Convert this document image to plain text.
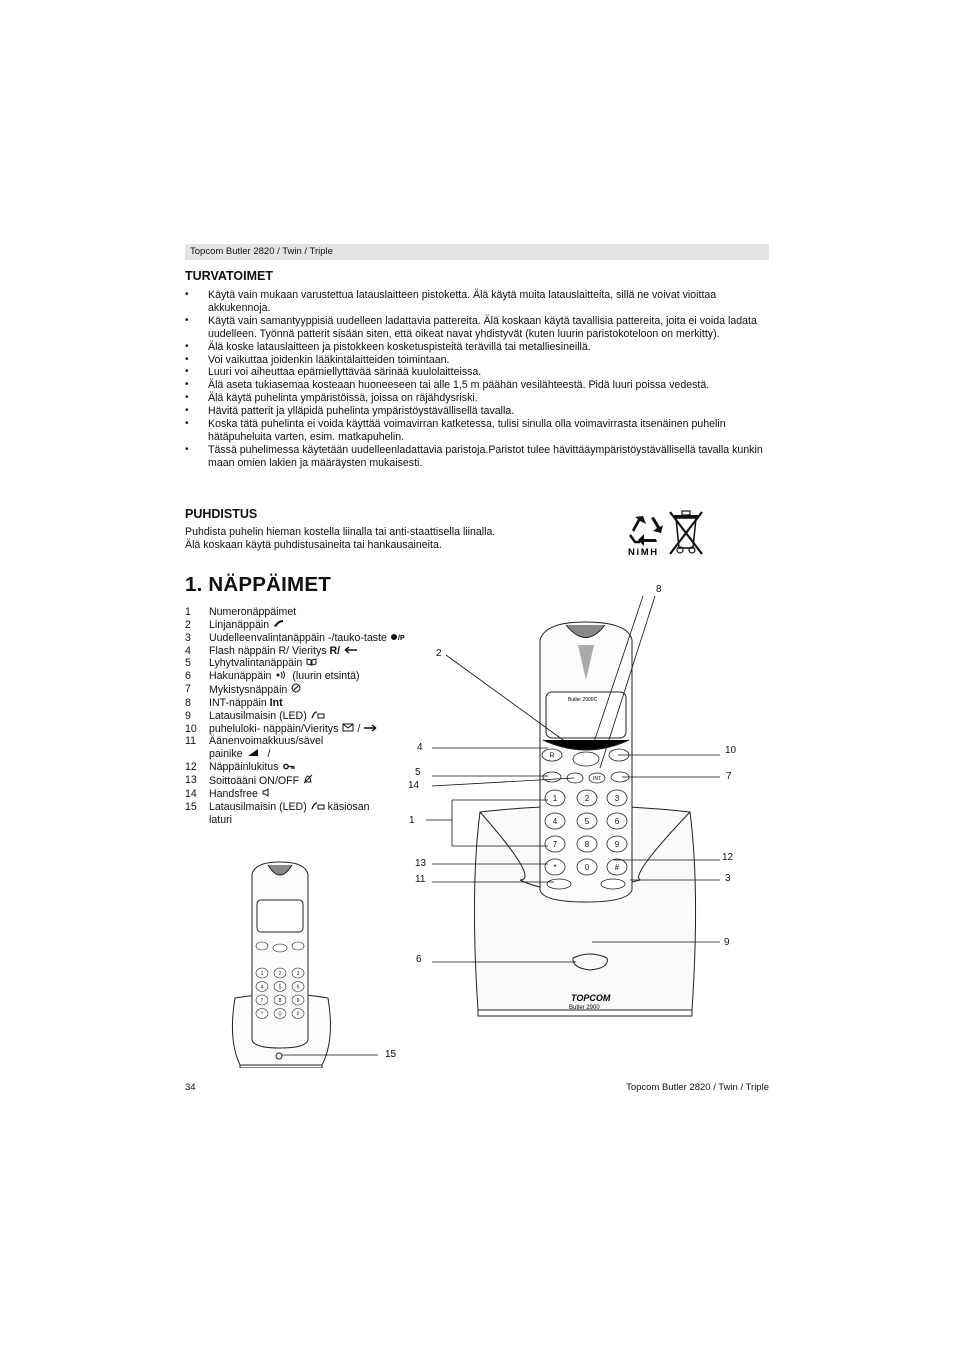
Topcom Butler 2820 / Twin / Triple
TURVATOIMET
• Käytä vain mukaan varustettua latauslaitteen pistoketta. Älä käytä muita latauslaitteita, sillä ne voivat vioittaa akkukennoja.
• Käytä vain samantyyppisiä uudelleen ladattavia pattereita. Älä koskaan käytä tavallisia pattereita, joita ei voida ladata uudelleen. Työnnä patterit sisään siten, että oikeat navat yhdistyvät (kuten luurin paristokoteloon on merkitty).
• Älä koske latauslaitteen ja pistokkeen kosketuspisteitä terävillä tai metalliesineillä.
• Voi vaikuttaa joidenkin lääkintälaitteiden toimintaan.
• Luuri voi aiheuttaa epämiellyttävää särinää kuulolaitteissa.
• Älä aseta tukiasemaa kosteaan huoneeseen tai alle 1,5 m päähän vesilähteestä. Pidä luuri poissa vedestä.
• Älä käytä puhelinta ympäristöissä, joissa on räjähdysriski.
• Hävitä patterit ja ylläpidä puhelinta ympäristöystävällisellä tavalla.
• Koska tätä puhelinta ei voida käyttää voimavirran katketessa, tulisi sinulla olla voimavirrasta itsenäinen puhelin hätäpuheluita varten, esim. matkapuhelin.
• Tässä puhelimessa käytetään uudelleenladattavia paristoja.Paristot tulee hävittääympäristöystävällisellä tavalla kunkin maan omien lakien ja määräysten mukaisesti.
PUHDISTUS
Puhdista puhelin hieman kostella liinalla tai anti-staattisella liinalla.
Älä koskaan käytä puhdistusaineita tai hankausaineita.
NiMH
1. NÄPPÄIMET
1	Numeronäppäimet
2	Linjanäppäin
3	Uudelleenvalintanäppäin -/tauko-taste /P
4	Flash näppäin R/ Vieritys R/
5	Lyhytvalintanäppäin
6	Hakunäppäin (luurin etsintä)
7	Mykistysnäppäin
8	INT-näppäin Int
9	Latausilmaisin (LED)
10	puheluloki- näppäin/Vieritys /
11	Äänenvoimakkuus/sävel
painike /
12	Näppäinlukitus
13	Soittoääni ON/OFF
14	Handsfree
15	Latausilmaisin (LED) käsiosan
laturi
TOPCOM
Butler 2900
Butler 2900C
R
INT
1	2	3
4	5	6
7	8	9
*	0	#
8
2
4	10
5	7
14
1
12
13
3
11
9
6
1	2	3
4	5	6
7	8	9
*	0	#
15
34	Topcom Butler 2820 / Twin / Triple
